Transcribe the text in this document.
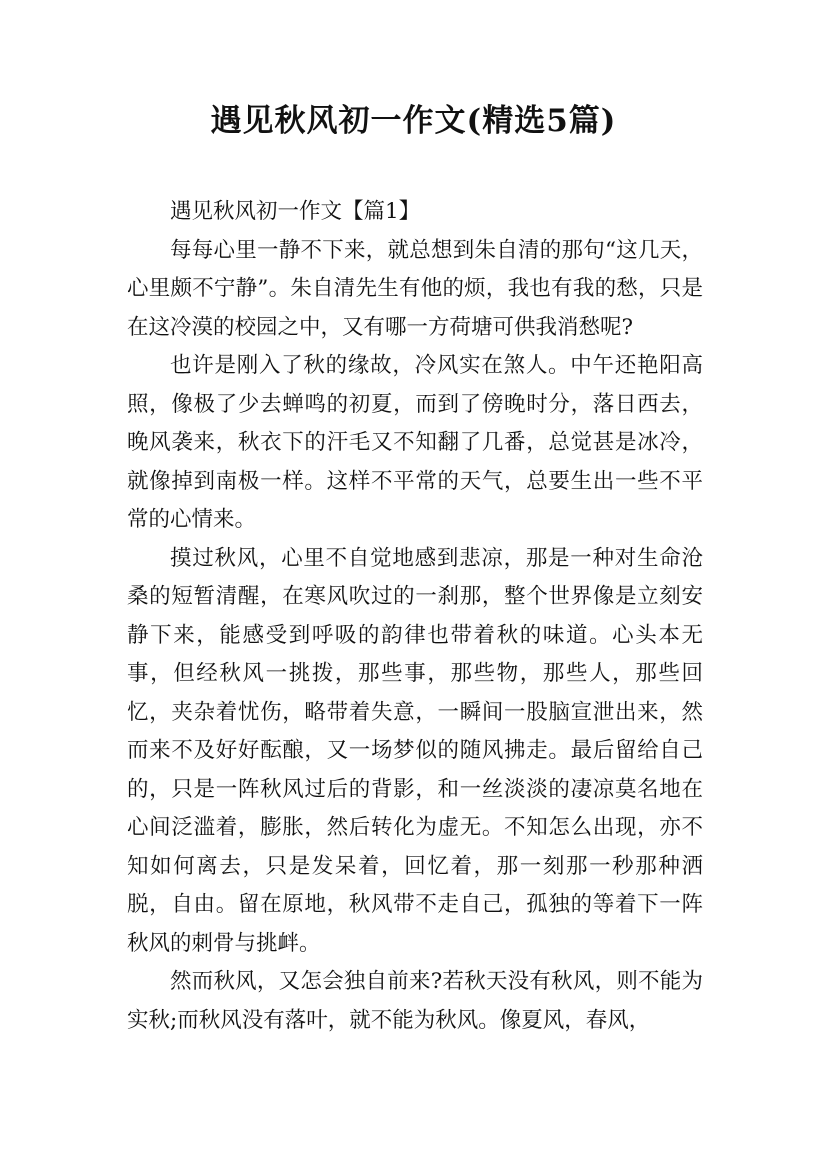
遇见秋风初一作文(精选5篇)

遇见秋风初一作文【篇1】

每每心里一静不下来，就总想到朱自清的那句“这几天，心里颇不宁静”。朱自清先生有他的烦，我也有我的愁，只是在这冷漠的校园之中，又有哪一方荷塘可供我消愁呢?

也许是刚入了秋的缘故，冷风实在煞人。中午还艳阳高照，像极了少去蝉鸣的初夏，而到了傍晚时分，落日西去，晚风袭来，秋衣下的汗毛又不知翻了几番，总觉甚是冰冷，就像掉到南极一样。这样不平常的天气，总要生出一些不平常的心情来。

摸过秋风，心里不自觉地感到悲凉，那是一种对生命沧桑的短暂清醒，在寒风吹过的一刹那，整个世界像是立刻安静下来，能感受到呼吸的韵律也带着秋的味道。心头本无事，但经秋风一挑拨，那些事，那些物，那些人，那些回忆，夹杂着忧伤，略带着失意，一瞬间一股脑宣泄出来，然而来不及好好酝酿，又一场梦似的随风拂走。最后留给自己的，只是一阵秋风过后的背影，和一丝淡淡的凄凉莫名地在心间泛滥着，膨胀，然后转化为虚无。不知怎么出现，亦不知如何离去，只是发呆着，回忆着，那一刻那一秒那种洒脱，自由。留在原地，秋风带不走自己，孤独的等着下一阵秋风的刺骨与挑衅。

然而秋风，又怎会独自前来?若秋天没有秋风，则不能为实秋;而秋风没有落叶，就不能为秋风。像夏风，春风，
